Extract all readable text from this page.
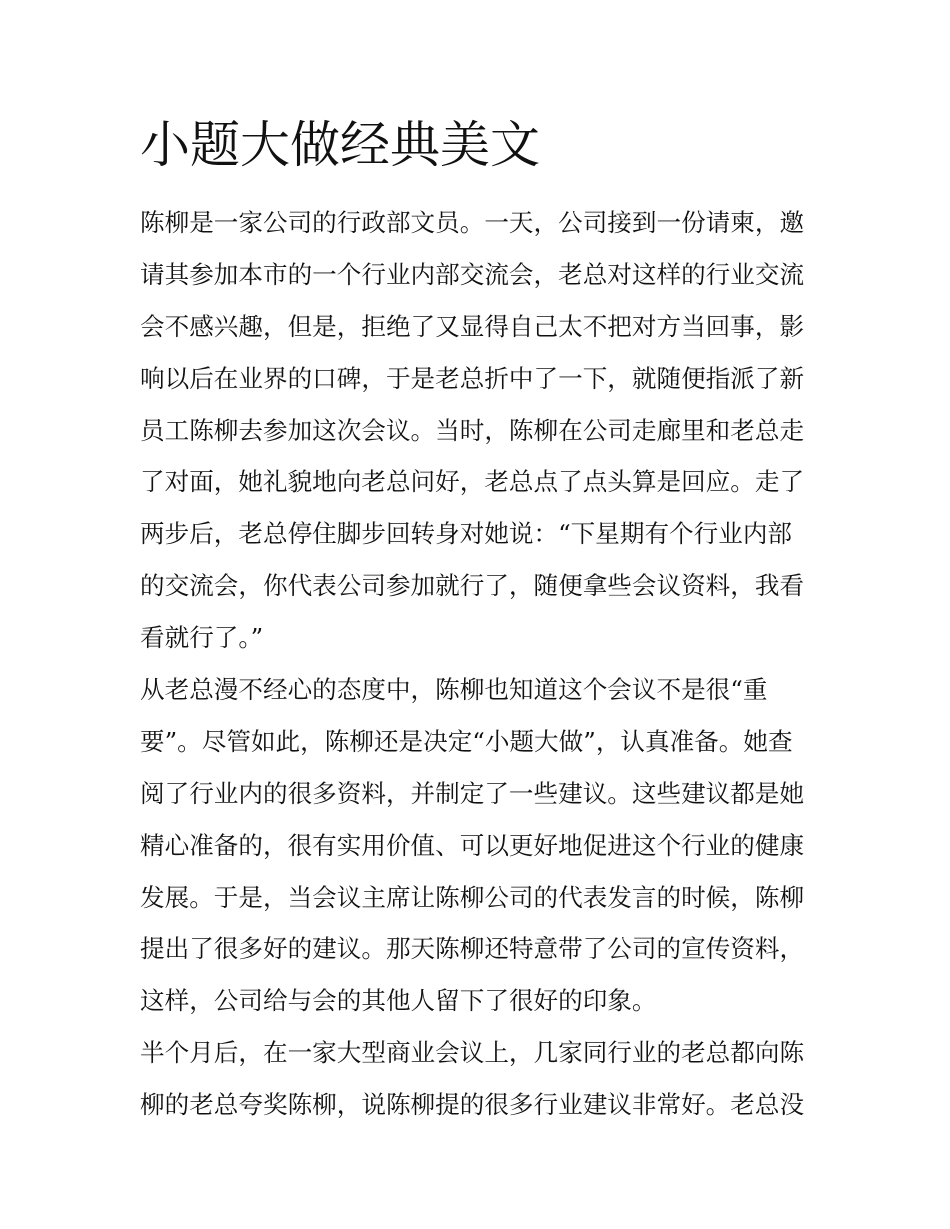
小题大做经典美文
陈柳是一家公司的行政部文员。一天，公司接到一份请柬，邀
请其参加本市的一个行业内部交流会，老总对这样的行业交流
会不感兴趣，但是，拒绝了又显得自己太不把对方当回事，影
响以后在业界的口碑，于是老总折中了一下，就随便指派了新
员工陈柳去参加这次会议。当时，陈柳在公司走廊里和老总走
了对面，她礼貌地向老总问好，老总点了点头算是回应。走了
两步后，老总停住脚步回转身对她说：“下星期有个行业内部
的交流会，你代表公司参加就行了，随便拿些会议资料，我看
看就行了。”
从老总漫不经心的态度中，陈柳也知道这个会议不是很“重
要”。尽管如此，陈柳还是决定“小题大做”，认真准备。她查
阅了行业内的很多资料，并制定了一些建议。这些建议都是她
精心准备的，很有实用价值、可以更好地促进这个行业的健康
发展。于是，当会议主席让陈柳公司的代表发言的时候，陈柳
提出了很多好的建议。那天陈柳还特意带了公司的宣传资料，
这样，公司给与会的其他人留下了很好的印象。
半个月后，在一家大型商业会议上，几家同行业的老总都向陈
柳的老总夸奖陈柳，说陈柳提的很多行业建议非常好。老总没
